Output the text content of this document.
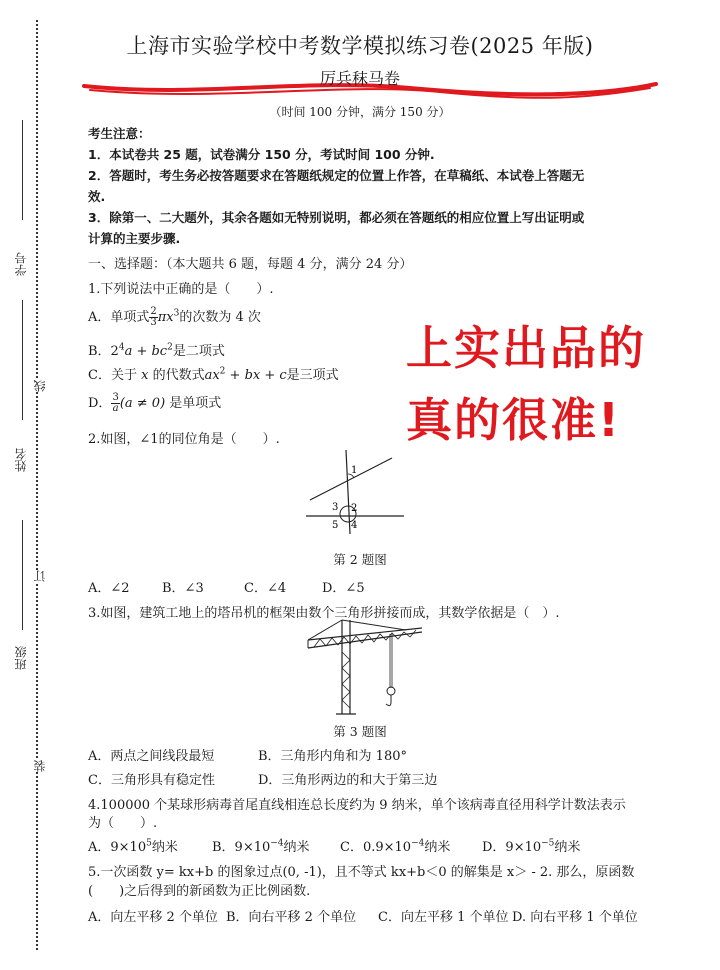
学号
姓名
班级
线
订
装
上海市实验学校中考数学模拟练习卷(2025 年版)
厉兵秣马卷
（时间 100 分钟，满分 150 分）
考生注意：
1．本试卷共 25 题，试卷满分 150 分，考试时间 100 分钟.
2．答题时，考生务必按答题要求在答题纸规定的位置上作答，在草稿纸、本试卷上答题无
效.
3．除第一、二大题外，其余各题如无特别说明，都必须在答题纸的相应位置上写出证明或
计算的主要步骤.
一、选择题：（本大题共 6 题，每题 4 分，满分 24 分）
1.下列说法中正确的是（　　）.
A．单项式 $\frac{2}{3} \pi x^3$的次数为 4 次
B．$2^4a + bc^2$是二项式
C．关于 x 的代数式$ax^2$ + bx + c是三项式
D． $\frac{3}{a} (a \ne 0)$ 是单项式
上实出品的
真的很准!
2.如图，∠1的同位角是（　　）.
1
2
3
4
5
第 2 题图
A．∠2 B．∠3	C．∠4	D．∠5
3.如图，建筑工地上的塔吊机的框架由数个三角形拼接而成，其数学依据是（　）.
第 3 题图
A．两点之间线段最短	B．三角形内角和为 180°
C．三角形具有稳定性	D．三角形两边的和大于第三边
4.100000 个某球形病毒首尾直线相连总长度约为 9 纳米，单个该病毒直径用科学计数法表示
为（　　）.
A．$9\times 10^5$纳米	B．$9\times 10^{-4}$纳米 C．$0.9\times 10^{-4}$纳米 D．$9\times 10^{-5}$纳米
5.一次函数 y= kx+b 的图象过点(0, -1)，且不等式 kx+b＜0 的解集是 x＞ - 2. 那么，原函数
(　　)之后得到的新函数为正比例函数.
A．向左平移 2 个单位 B．向右平移 2 个单位 C．向左平移 1 个单位 D. 向右平移 1 个单位
